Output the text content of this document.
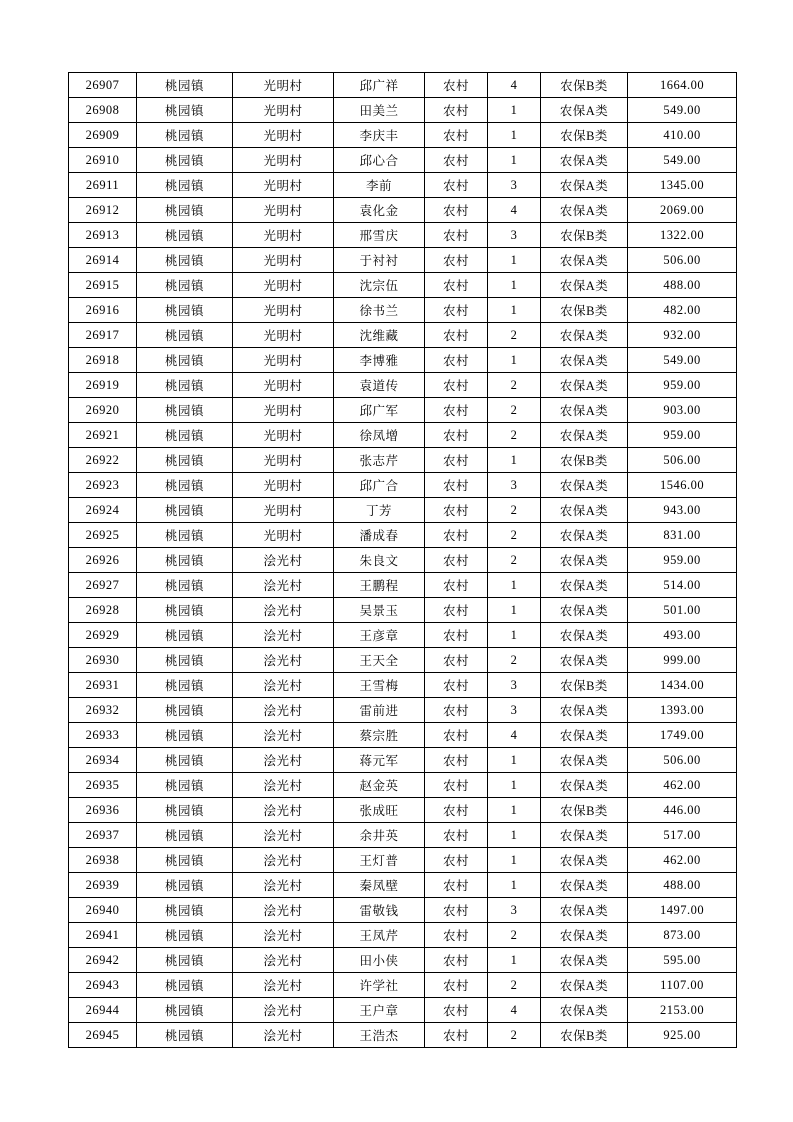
26907	桃园镇	光明村	邱广祥	农村	4	农保B类	1664.00
26908	桃园镇	光明村	田美兰	农村	1	农保A类	549.00
26909	桃园镇	光明村	李庆丰	农村	1	农保B类	410.00
26910	桃园镇	光明村	邱心合	农村	1	农保A类	549.00
26911	桃园镇	光明村	李前	农村	3	农保A类	1345.00
26912	桃园镇	光明村	袁化金	农村	4	农保A类	2069.00
26913	桃园镇	光明村	邢雪庆	农村	3	农保B类	1322.00
26914	桃园镇	光明村	于衬衬	农村	1	农保A类	506.00
26915	桃园镇	光明村	沈宗伍	农村	1	农保A类	488.00
26916	桃园镇	光明村	徐书兰	农村	1	农保B类	482.00
26917	桃园镇	光明村	沈维藏	农村	2	农保A类	932.00
26918	桃园镇	光明村	李博雅	农村	1	农保A类	549.00
26919	桃园镇	光明村	袁道传	农村	2	农保A类	959.00
26920	桃园镇	光明村	邱广军	农村	2	农保A类	903.00
26921	桃园镇	光明村	徐凤增	农村	2	农保A类	959.00
26922	桃园镇	光明村	张志芹	农村	1	农保B类	506.00
26923	桃园镇	光明村	邱广合	农村	3	农保A类	1546.00
26924	桃园镇	光明村	丁芳	农村	2	农保A类	943.00
26925	桃园镇	光明村	潘成春	农村	2	农保A类	831.00
26926	桃园镇	浍光村	朱良文	农村	2	农保A类	959.00
26927	桃园镇	浍光村	王鹏程	农村	1	农保A类	514.00
26928	桃园镇	浍光村	吴景玉	农村	1	农保A类	501.00
26929	桃园镇	浍光村	王彦章	农村	1	农保A类	493.00
26930	桃园镇	浍光村	王天全	农村	2	农保A类	999.00
26931	桃园镇	浍光村	王雪梅	农村	3	农保B类	1434.00
26932	桃园镇	浍光村	雷前进	农村	3	农保A类	1393.00
26933	桃园镇	浍光村	蔡宗胜	农村	4	农保A类	1749.00
26934	桃园镇	浍光村	蒋元军	农村	1	农保A类	506.00
26935	桃园镇	浍光村	赵金英	农村	1	农保A类	462.00
26936	桃园镇	浍光村	张成旺	农村	1	农保B类	446.00
26937	桃园镇	浍光村	余井英	农村	1	农保A类	517.00
26938	桃园镇	浍光村	王灯普	农村	1	农保A类	462.00
26939	桃园镇	浍光村	秦凤壁	农村	1	农保A类	488.00
26940	桃园镇	浍光村	雷敬钱	农村	3	农保A类	1497.00
26941	桃园镇	浍光村	王凤芹	农村	2	农保A类	873.00
26942	桃园镇	浍光村	田小侠	农村	1	农保A类	595.00
26943	桃园镇	浍光村	许学社	农村	2	农保A类	1107.00
26944	桃园镇	浍光村	王户章	农村	4	农保A类	2153.00
26945	桃园镇	浍光村	王浩杰	农村	2	农保B类	925.00
